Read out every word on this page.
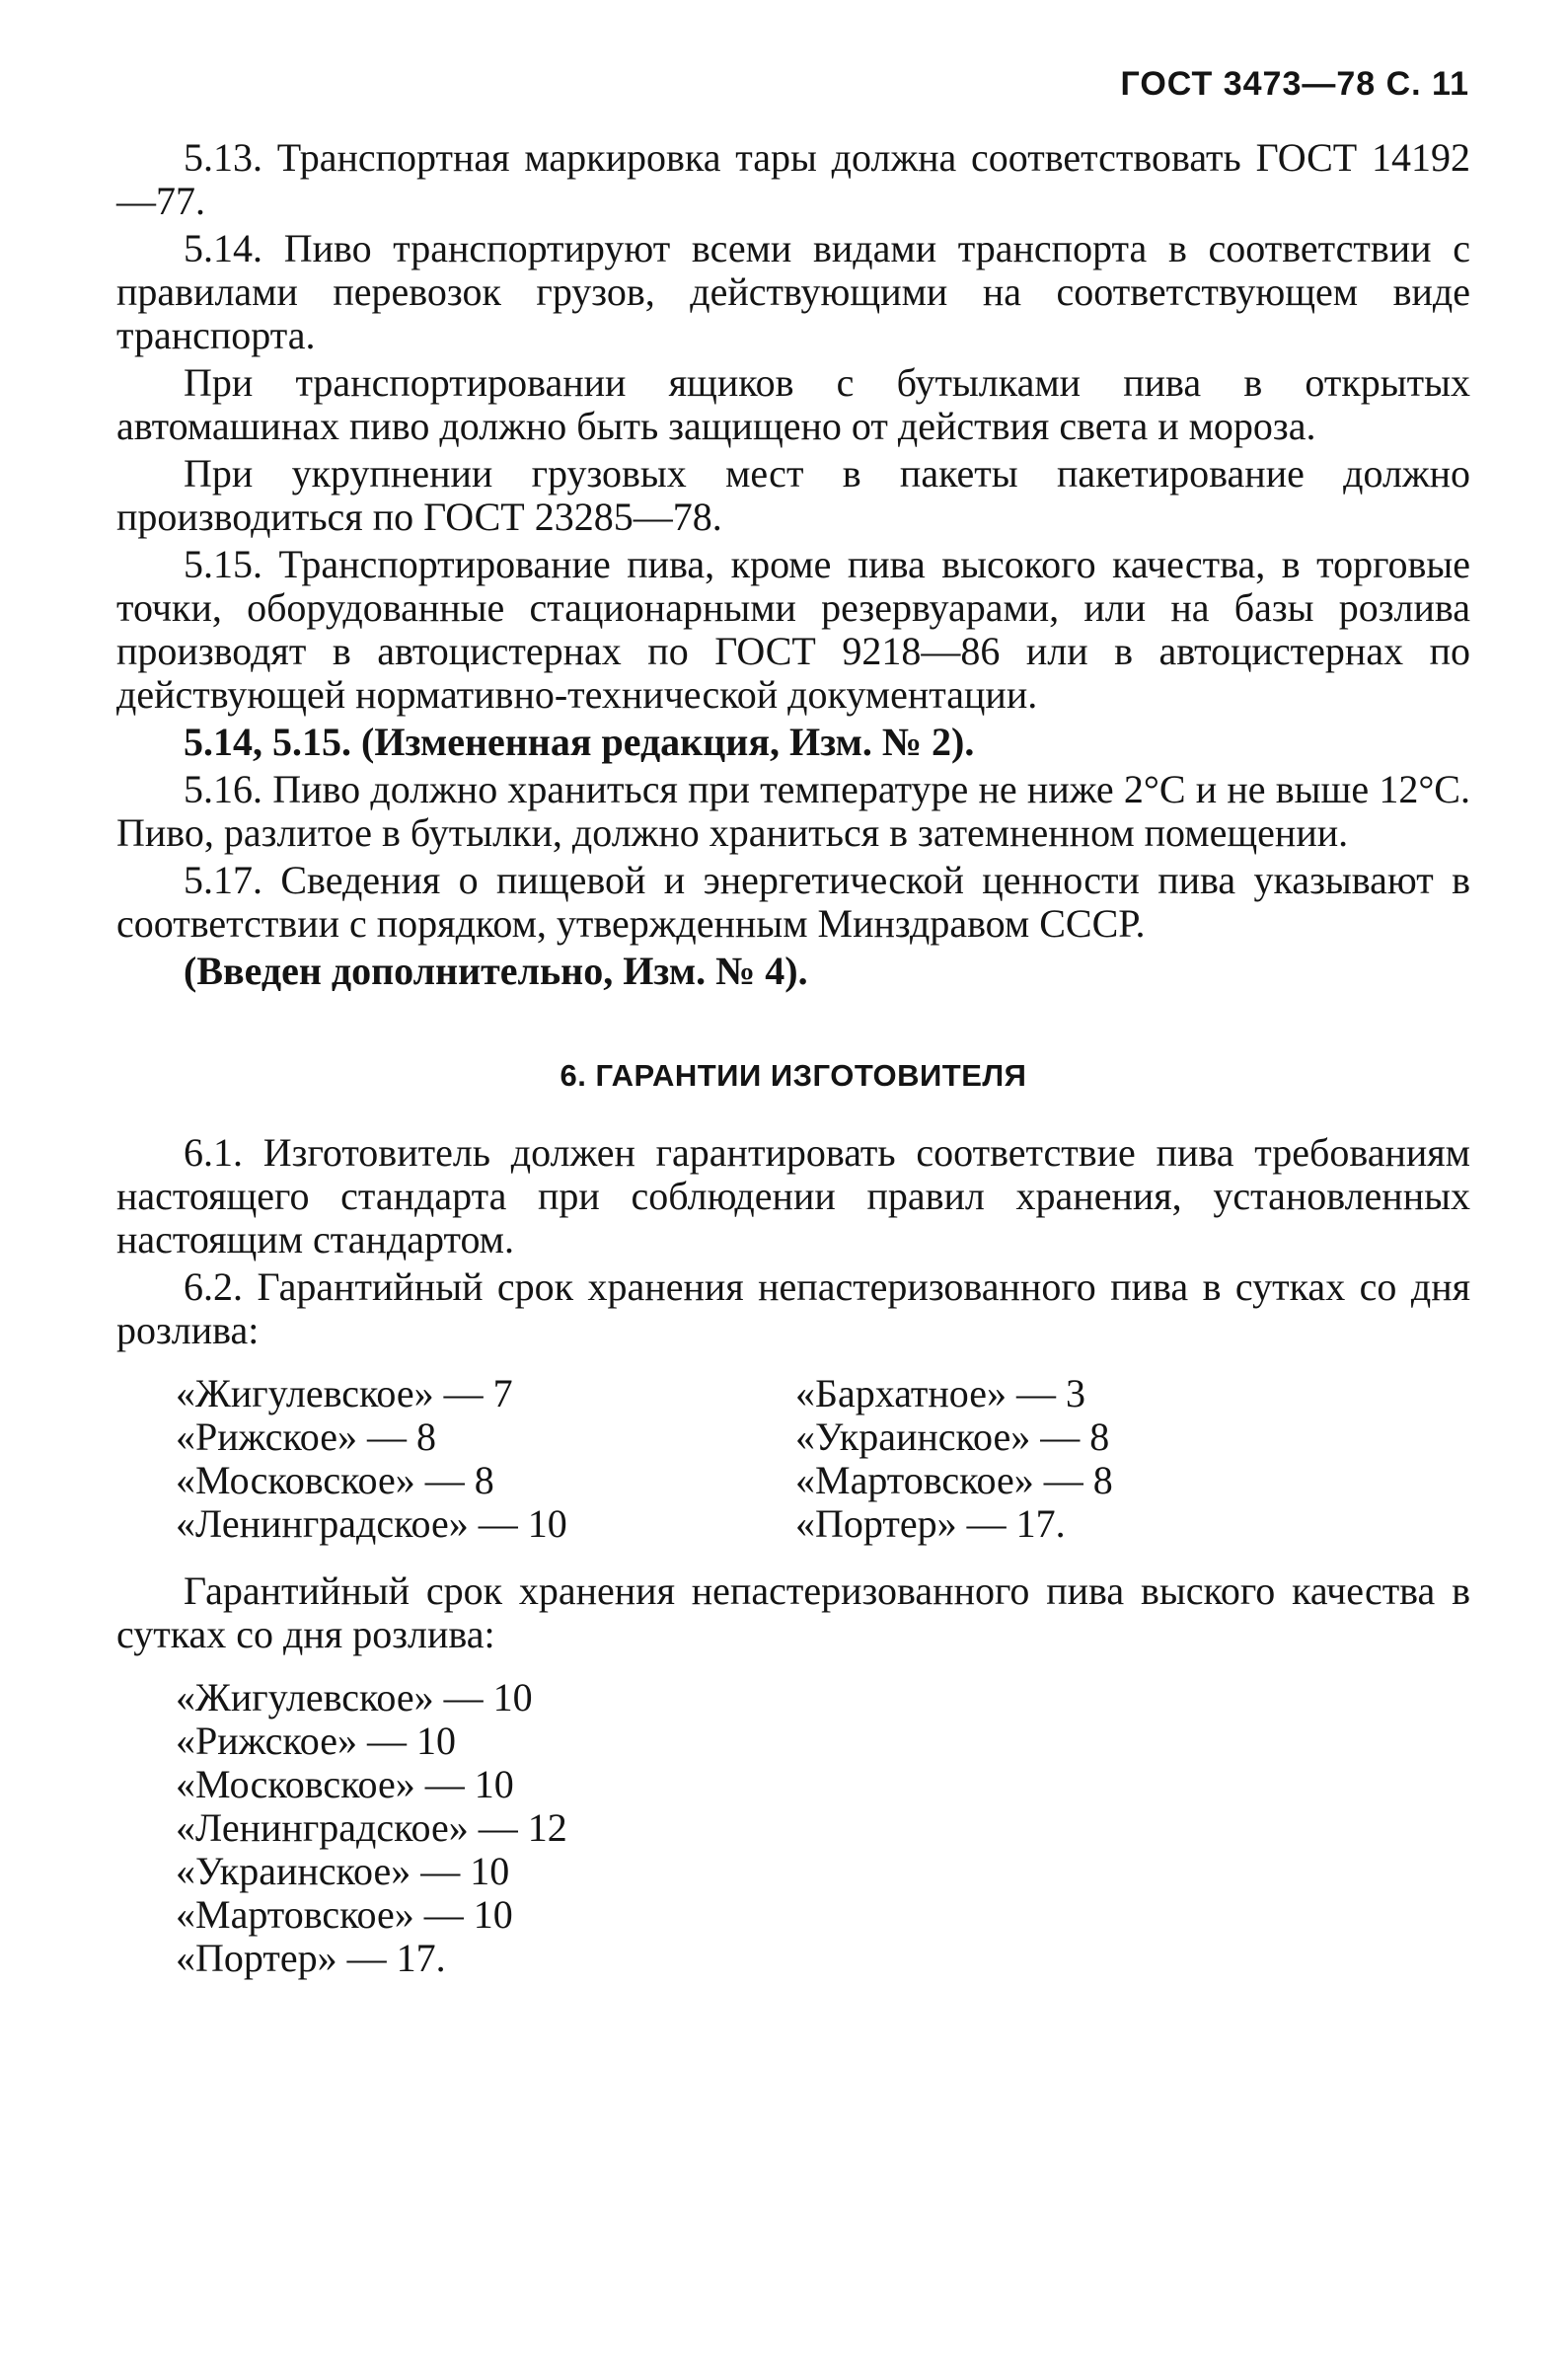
ГОСТ 3473—78 С. 11

5.13. Транспортная маркировка тары должна соответствовать ГОСТ 14192—77.

5.14. Пиво транспортируют всеми видами транспорта в соответствии с правилами перевозок грузов, действующими на соответствующем виде транспорта.

При транспортировании ящиков с бутылками пива в открытых автомашинах пиво должно быть защищено от действия света и мороза.

При укрупнении грузовых мест в пакеты пакетирование должно производиться по ГОСТ 23285—78.

5.15. Транспортирование пива, кроме пива высокого качества, в торговые точки, оборудованные стационарными резервуарами, или на базы розлива производят в автоцистернах по ГОСТ 9218—86 или в автоцистернах по действующей нормативно-технической документации.

5.14, 5.15. (Измененная редакция, Изм. № 2).

5.16. Пиво должно храниться при температуре не ниже 2°С и не выше 12°С. Пиво, разлитое в бутылки, должно храниться в затемненном помещении.

5.17. Сведения о пищевой и энергетической ценности пива указывают в соответствии с порядком, утвержденным Минздравом СССР.

(Введен дополнительно, Изм. № 4).

6. ГАРАНТИИ ИЗГОТОВИТЕЛЯ

6.1. Изготовитель должен гарантировать соответствие пива требованиям настоящего стандарта при соблюдении правил хранения, установленных настоящим стандартом.

6.2. Гарантийный срок хранения непастеризованного пива в сутках со дня розлива:

«Жигулевское» — 7
«Рижское» — 8
«Московское» — 8
«Ленинградское» — 10
«Бархатное» — 3
«Украинское» — 8
«Мартовское» — 8
«Портер» — 17.

Гарантийный срок хранения непастеризованного пива выского качества в сутках со дня розлива:

«Жигулевское» — 10
«Рижское» — 10
«Московское» — 10
«Ленинградское» — 12
«Украинское» — 10
«Мартовское» — 10
«Портер» — 17.
